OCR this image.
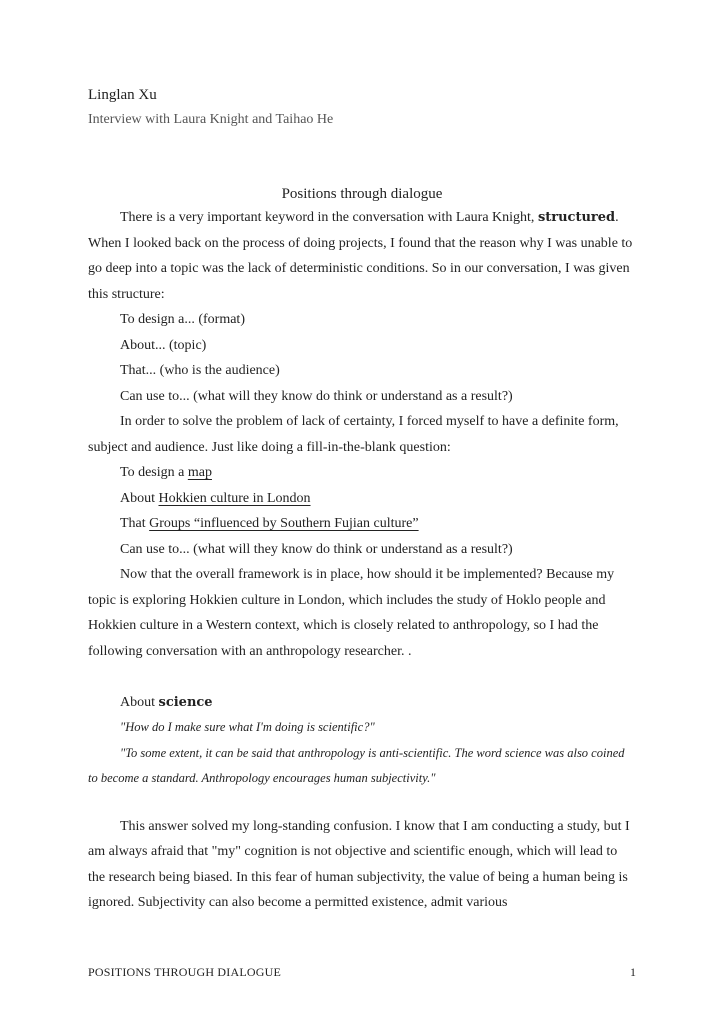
Linglan Xu
Interview with Laura Knight and Taihao He
Positions through dialogue

There is a very important keyword in the conversation with Laura Knight, structured. When I looked back on the process of doing projects, I found that the reason why I was unable to go deep into a topic was the lack of deterministic conditions. So in our conversation, I was given this structure:

To design a... (format)

About... (topic)

That... (who is the audience)

Can use to... (what will they know do think or understand as a result?)

In order to solve the problem of lack of certainty, I forced myself to have a definite form, subject and audience. Just like doing a fill-in-the-blank question:

To design a map

About Hokkien culture in London

That Groups “influenced by Southern Fujian culture”

Can use to... (what will they know do think or understand as a result?)

Now that the overall framework is in place, how should it be implemented? Because my topic is exploring Hokkien culture in London, which includes the study of Hoklo people and Hokkien culture in a Western context, which is closely related to anthropology, so I had the following conversation with an anthropology researcher. .

About science

"How do I make sure what I'm doing is scientific?"

"To some extent, it can be said that anthropology is anti-scientific. The word science was also coined to become a standard. Anthropology encourages human subjectivity."

This answer solved my long-standing confusion. I know that I am conducting a study, but I am always afraid that "my" cognition is not objective and scientific enough, which will lead to the research being biased. In this fear of human subjectivity, the value of being a human being is ignored. Subjectivity can also become a permitted existence, admit various

POSITIONS THROUGH DIALOGUE	1
